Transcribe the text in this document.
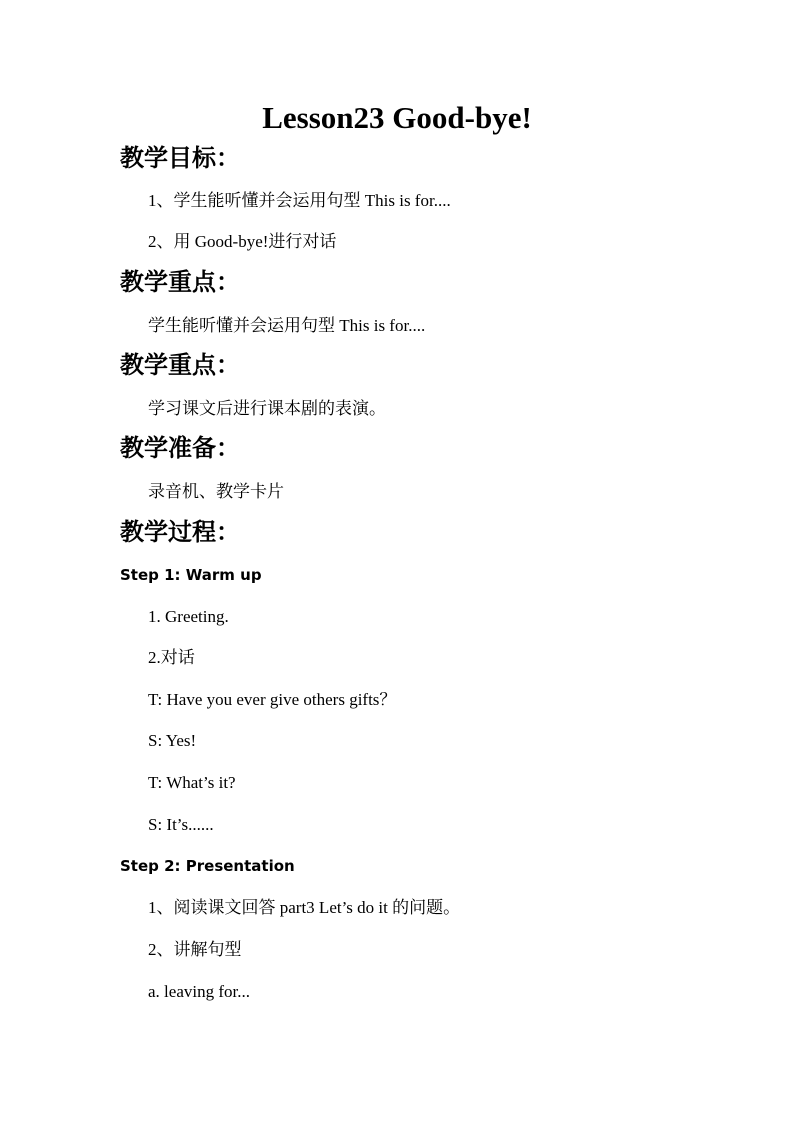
Lesson23 Good-bye!
教学目标：
1、学生能听懂并会运用句型 This is for....
2、用 Good-bye!进行对话
教学重点：
学生能听懂并会运用句型 This is for....
教学重点：
学习课文后进行课本剧的表演。
教学准备：
录音机、教学卡片
教学过程：
Step 1: Warm up
1. Greeting.
2.对话
T: Have you ever give others gifts？
S: Yes!
T: What’s it?
S: It’s......
Step 2: Presentation
1、阅读课文回答 part3 Let’s do it 的问题。
2、讲解句型
a. leaving for...
